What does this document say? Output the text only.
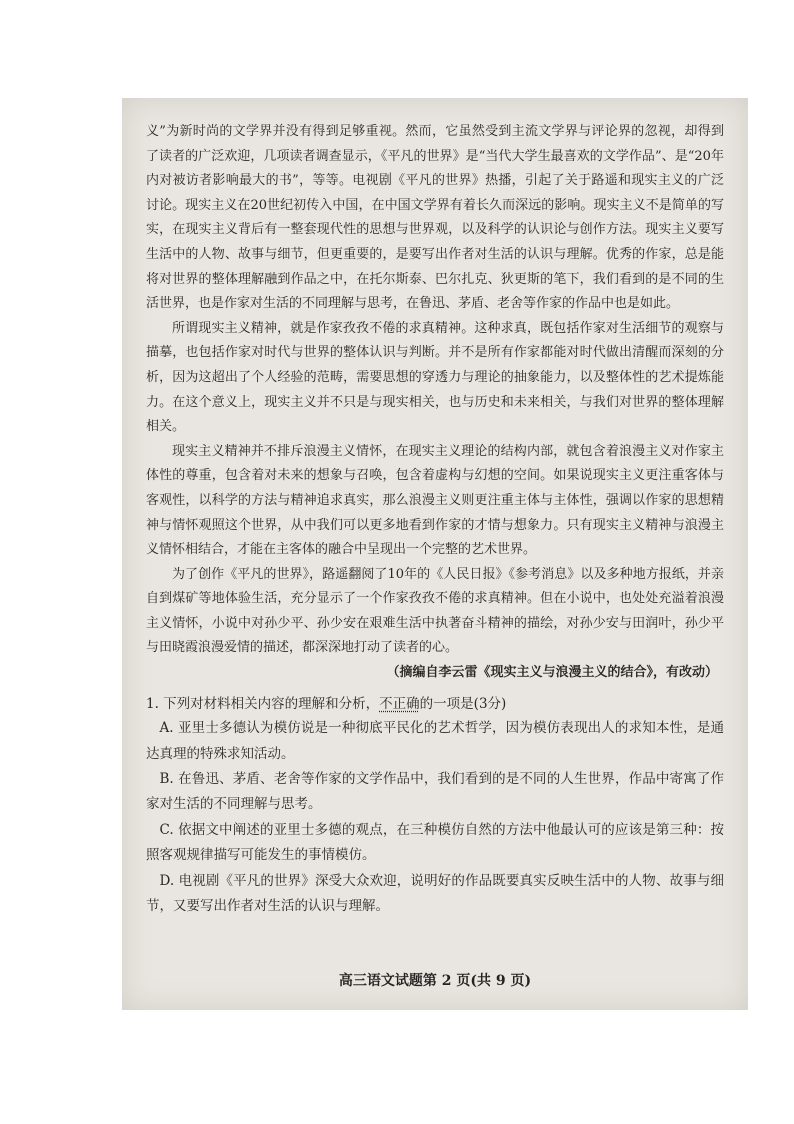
义”为新时尚的文学界并没有得到足够重视。然而，它虽然受到主流文学界与评论界的忽视，却得到了读者的广泛欢迎，几项读者调查显示，《平凡的世界》是“当代大学生最喜欢的文学作品”、是“20年内对被访者影响最大的书”，等等。电视剧《平凡的世界》热播，引起了关于路遥和现实主义的广泛讨论。现实主义在20世纪初传入中国，在中国文学界有着长久而深远的影响。现实主义不是简单的写实，在现实主义背后有一整套现代性的思想与世界观，以及科学的认识论与创作方法。现实主义要写生活中的人物、故事与细节，但更重要的，是要写出作者对生活的认识与理解。优秀的作家，总是能将对世界的整体理解融到作品之中，在托尔斯泰、巴尔扎克、狄更斯的笔下，我们看到的是不同的生活世界，也是作家对生活的不同理解与思考，在鲁迅、茅盾、老舍等作家的作品中也是如此。

所谓现实主义精神，就是作家孜孜不倦的求真精神。这种求真，既包括作家对生活细节的观察与描摹，也包括作家对时代与世界的整体认识与判断。并不是所有作家都能对时代做出清醒而深刻的分析，因为这超出了个人经验的范畴，需要思想的穿透力与理论的抽象能力，以及整体性的艺术提炼能力。在这个意义上，现实主义并不只是与现实相关，也与历史和未来相关，与我们对世界的整体理解相关。

现实主义精神并不排斥浪漫主义情怀，在现实主义理论的结构内部，就包含着浪漫主义对作家主体性的尊重，包含着对未来的想象与召唤，包含着虚构与幻想的空间。如果说现实主义更注重客体与客观性，以科学的方法与精神追求真实，那么浪漫主义则更注重主体与主体性，强调以作家的思想精神与情怀观照这个世界，从中我们可以更多地看到作家的才情与想象力。只有现实主义精神与浪漫主义情怀相结合，才能在主客体的融合中呈现出一个完整的艺术世界。

为了创作《平凡的世界》，路遥翻阅了10年的《人民日报》《参考消息》以及多种地方报纸，并亲自到煤矿等地体验生活，充分显示了一个作家孜孜不倦的求真精神。但在小说中，也处处充溢着浪漫主义情怀，小说中对孙少平、孙少安在艰难生活中执著奋斗精神的描绘，对孙少安与田润叶，孙少平与田晓霞浪漫爱情的描述，都深深地打动了读者的心。

（摘编自李云雷《现实主义与浪漫主义的结合》，有改动）

1. 下列对材料相关内容的理解和分析，不正确的一项是(3分)

A. 亚里士多德认为模仿说是一种彻底平民化的艺术哲学，因为模仿表现出人的求知本性，是通达真理的特殊求知活动。

B. 在鲁迅、茅盾、老舍等作家的文学作品中，我们看到的是不同的人生世界，作品中寄寓了作家对生活的不同理解与思考。

C. 依据文中阐述的亚里士多德的观点，在三种模仿自然的方法中他最认可的应该是第三种：按照客观规律描写可能发生的事情模仿。

D. 电视剧《平凡的世界》深受大众欢迎，说明好的作品既要真实反映生活中的人物、故事与细节，又要写出作者对生活的认识与理解。

高三语文试题第 2 页(共 9 页)
